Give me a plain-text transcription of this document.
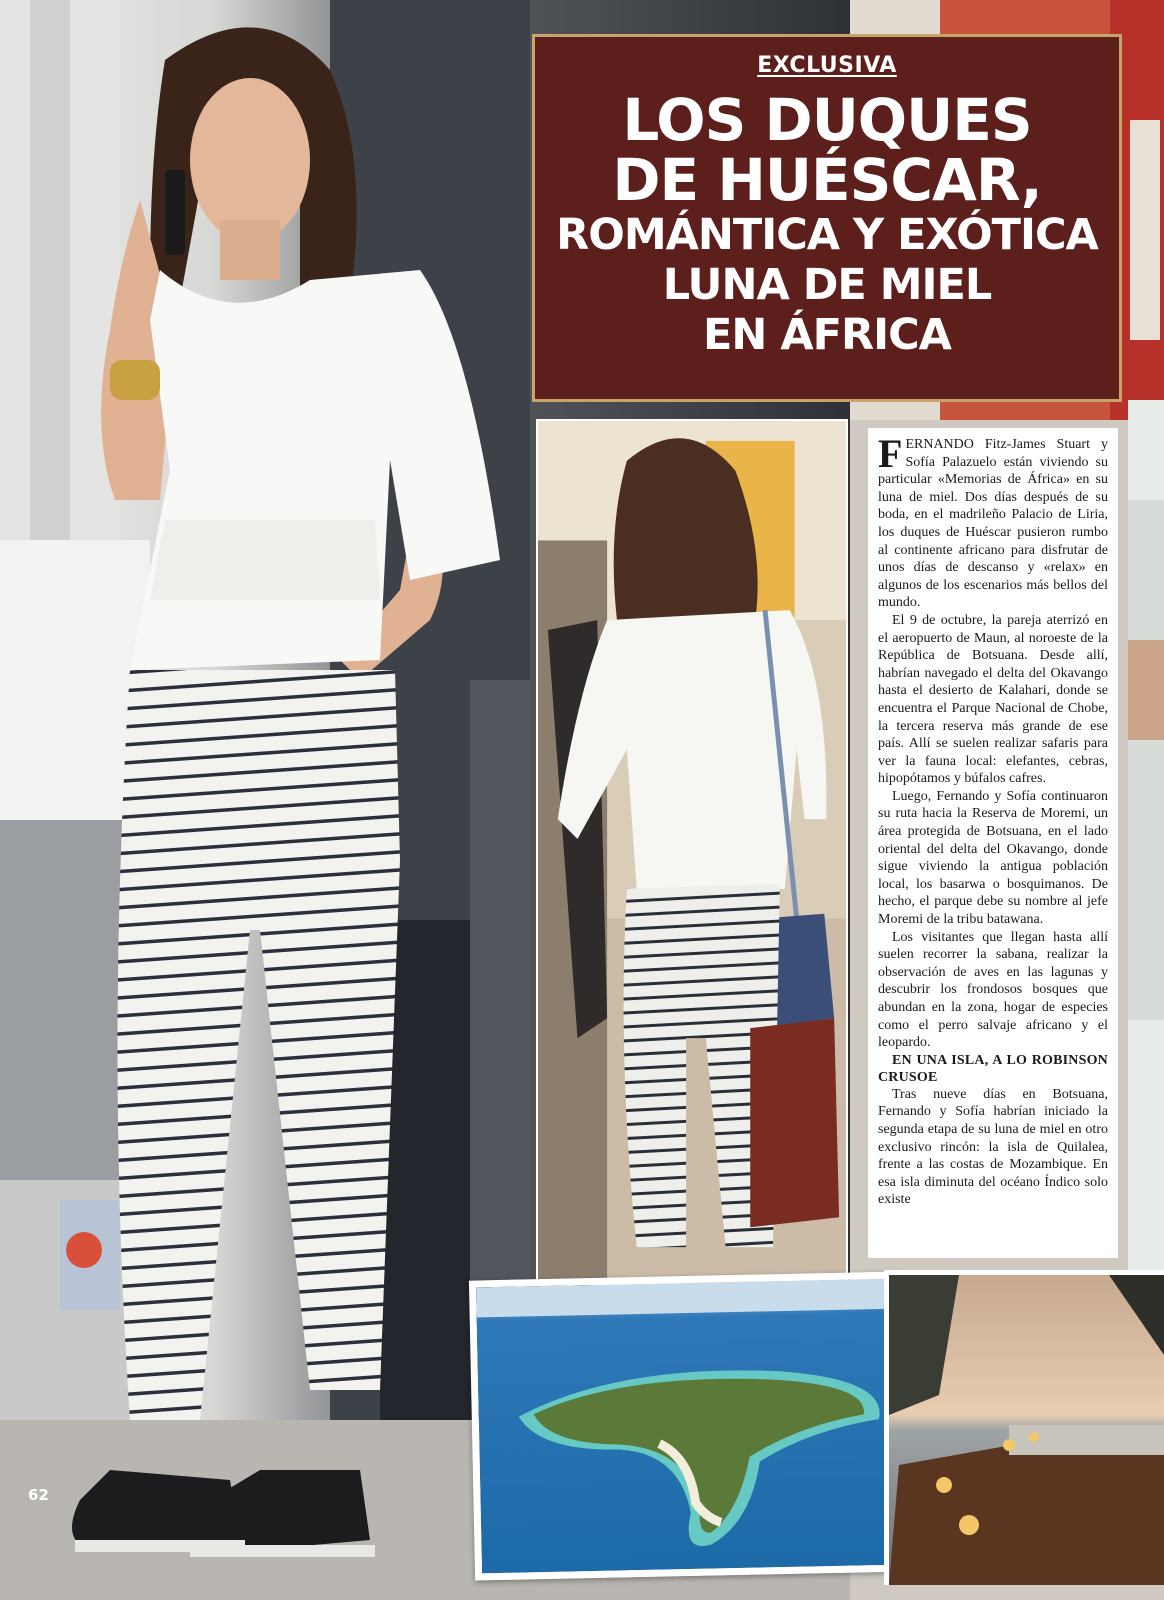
EXCLUSIVA
LOS DUQUES
DE HUÉSCAR,
ROMÁNTICA Y EXÓTICA
LUNA DE MIEL
EN ÁFRICA

FERNANDO Fitz-James Stuart y Sofía Palazuelo están viviendo su particular «Memorias de África» en su luna de miel. Dos días después de su boda, en el madrileño Palacio de Liria, los duques de Huéscar pusieron rumbo al continente africano para disfrutar de unos días de descanso y «relax» en algunos de los escenarios más bellos del mundo.

El 9 de octubre, la pareja aterrizó en el aeropuerto de Maun, al noroeste de la República de Botsuana. Desde allí, habrían navegado el delta del Okavango hasta el desierto de Kalahari, donde se encuentra el Parque Nacional de Chobe, la tercera reserva más grande de ese país. Allí se suelen realizar safaris para ver la fauna local: elefantes, cebras, hipopótamos y búfalos cafres.

Luego, Fernando y Sofía continuaron su ruta hacia la Reserva de Moremi, un área protegida de Botsuana, en el lado oriental del delta del Okavango, donde sigue viviendo la antigua población local, los basarwa o bosquimanos. De hecho, el parque debe su nombre al jefe Moremi de la tribu batawana.

Los visitantes que llegan hasta allí suelen recorrer la sabana, realizar la observación de aves en las lagunas y descubrir los frondosos bosques que abundan en la zona, hogar de especies como el perro salvaje africano y el leopardo.

EN UNA ISLA, A LO ROBINSON CRUSOE

Tras nueve días en Botsuana, Fernando y Sofía habrían iniciado la segunda etapa de su luna de miel en otro exclusivo rincón: la isla de Quilalea, frente a las costas de Mozambique. En esa isla diminuta del océano Índico solo existe

62
